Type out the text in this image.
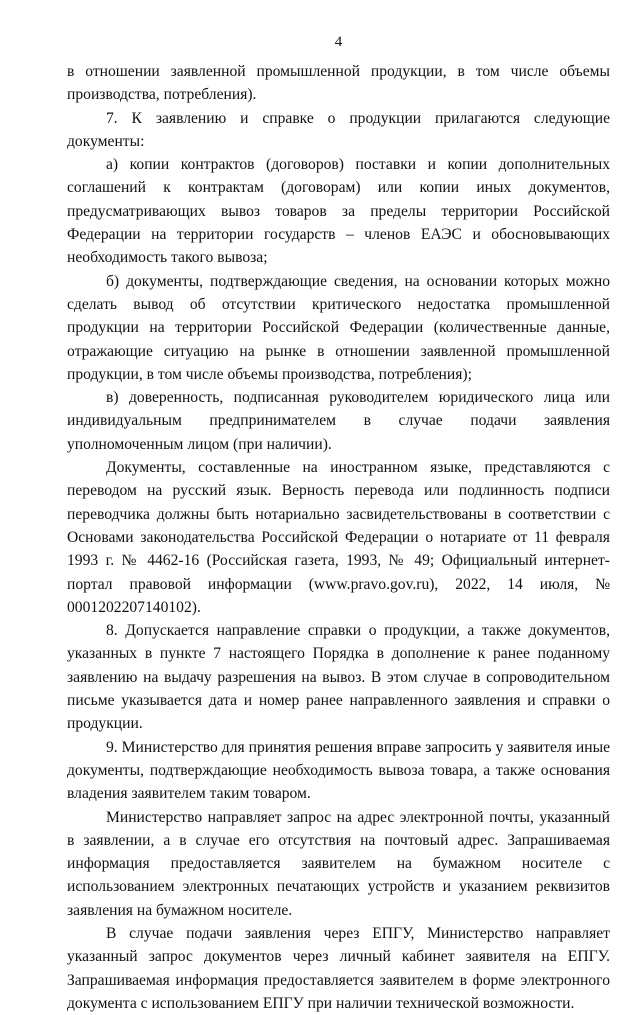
4

в отношении заявленной промышленной продукции, в том числе объемы производства, потребления).

7. К заявлению и справке о продукции прилагаются следующие документы:

а) копии контрактов (договоров) поставки и копии дополнительных соглашений к контрактам (договорам) или копии иных документов, предусматривающих вывоз товаров за пределы территории Российской Федерации на территории государств – членов ЕАЭС и обосновывающих необходимость такого вывоза;

б) документы, подтверждающие сведения, на основании которых можно сделать вывод об отсутствии критического недостатка промышленной продукции на территории Российской Федерации (количественные данные, отражающие ситуацию на рынке в отношении заявленной промышленной продукции, в том числе объемы производства, потребления);

в) доверенность, подписанная руководителем юридического лица или индивидуальным предпринимателем в случае подачи заявления уполномоченным лицом (при наличии).

Документы, составленные на иностранном языке, представляются с переводом на русский язык. Верность перевода или подлинность подписи переводчика должны быть нотариально засвидетельствованы в соответствии с Основами законодательства Российской Федерации о нотариате от 11 февраля 1993 г. № 4462-16 (Российская газета, 1993, № 49; Официальный интернет-портал правовой информации (www.pravo.gov.ru), 2022, 14 июля, № 0001202207140102).

8. Допускается направление справки о продукции, а также документов, указанных в пункте 7 настоящего Порядка в дополнение к ранее поданному заявлению на выдачу разрешения на вывоз. В этом случае в сопроводительном письме указывается дата и номер ранее направленного заявления и справки о продукции.

9. Министерство для принятия решения вправе запросить у заявителя иные документы, подтверждающие необходимость вывоза товара, а также основания владения заявителем таким товаром.

Министерство направляет запрос на адрес электронной почты, указанный в заявлении, а в случае его отсутствия на почтовый адрес. Запрашиваемая информация предоставляется заявителем на бумажном носителе с использованием электронных печатающих устройств и указанием реквизитов заявления на бумажном носителе.

В случае подачи заявления через ЕПГУ, Министерство направляет указанный запрос документов через личный кабинет заявителя на ЕПГУ. Запрашиваемая информация предоставляется заявителем в форме электронного документа с использованием ЕПГУ при наличии технической возможности.
